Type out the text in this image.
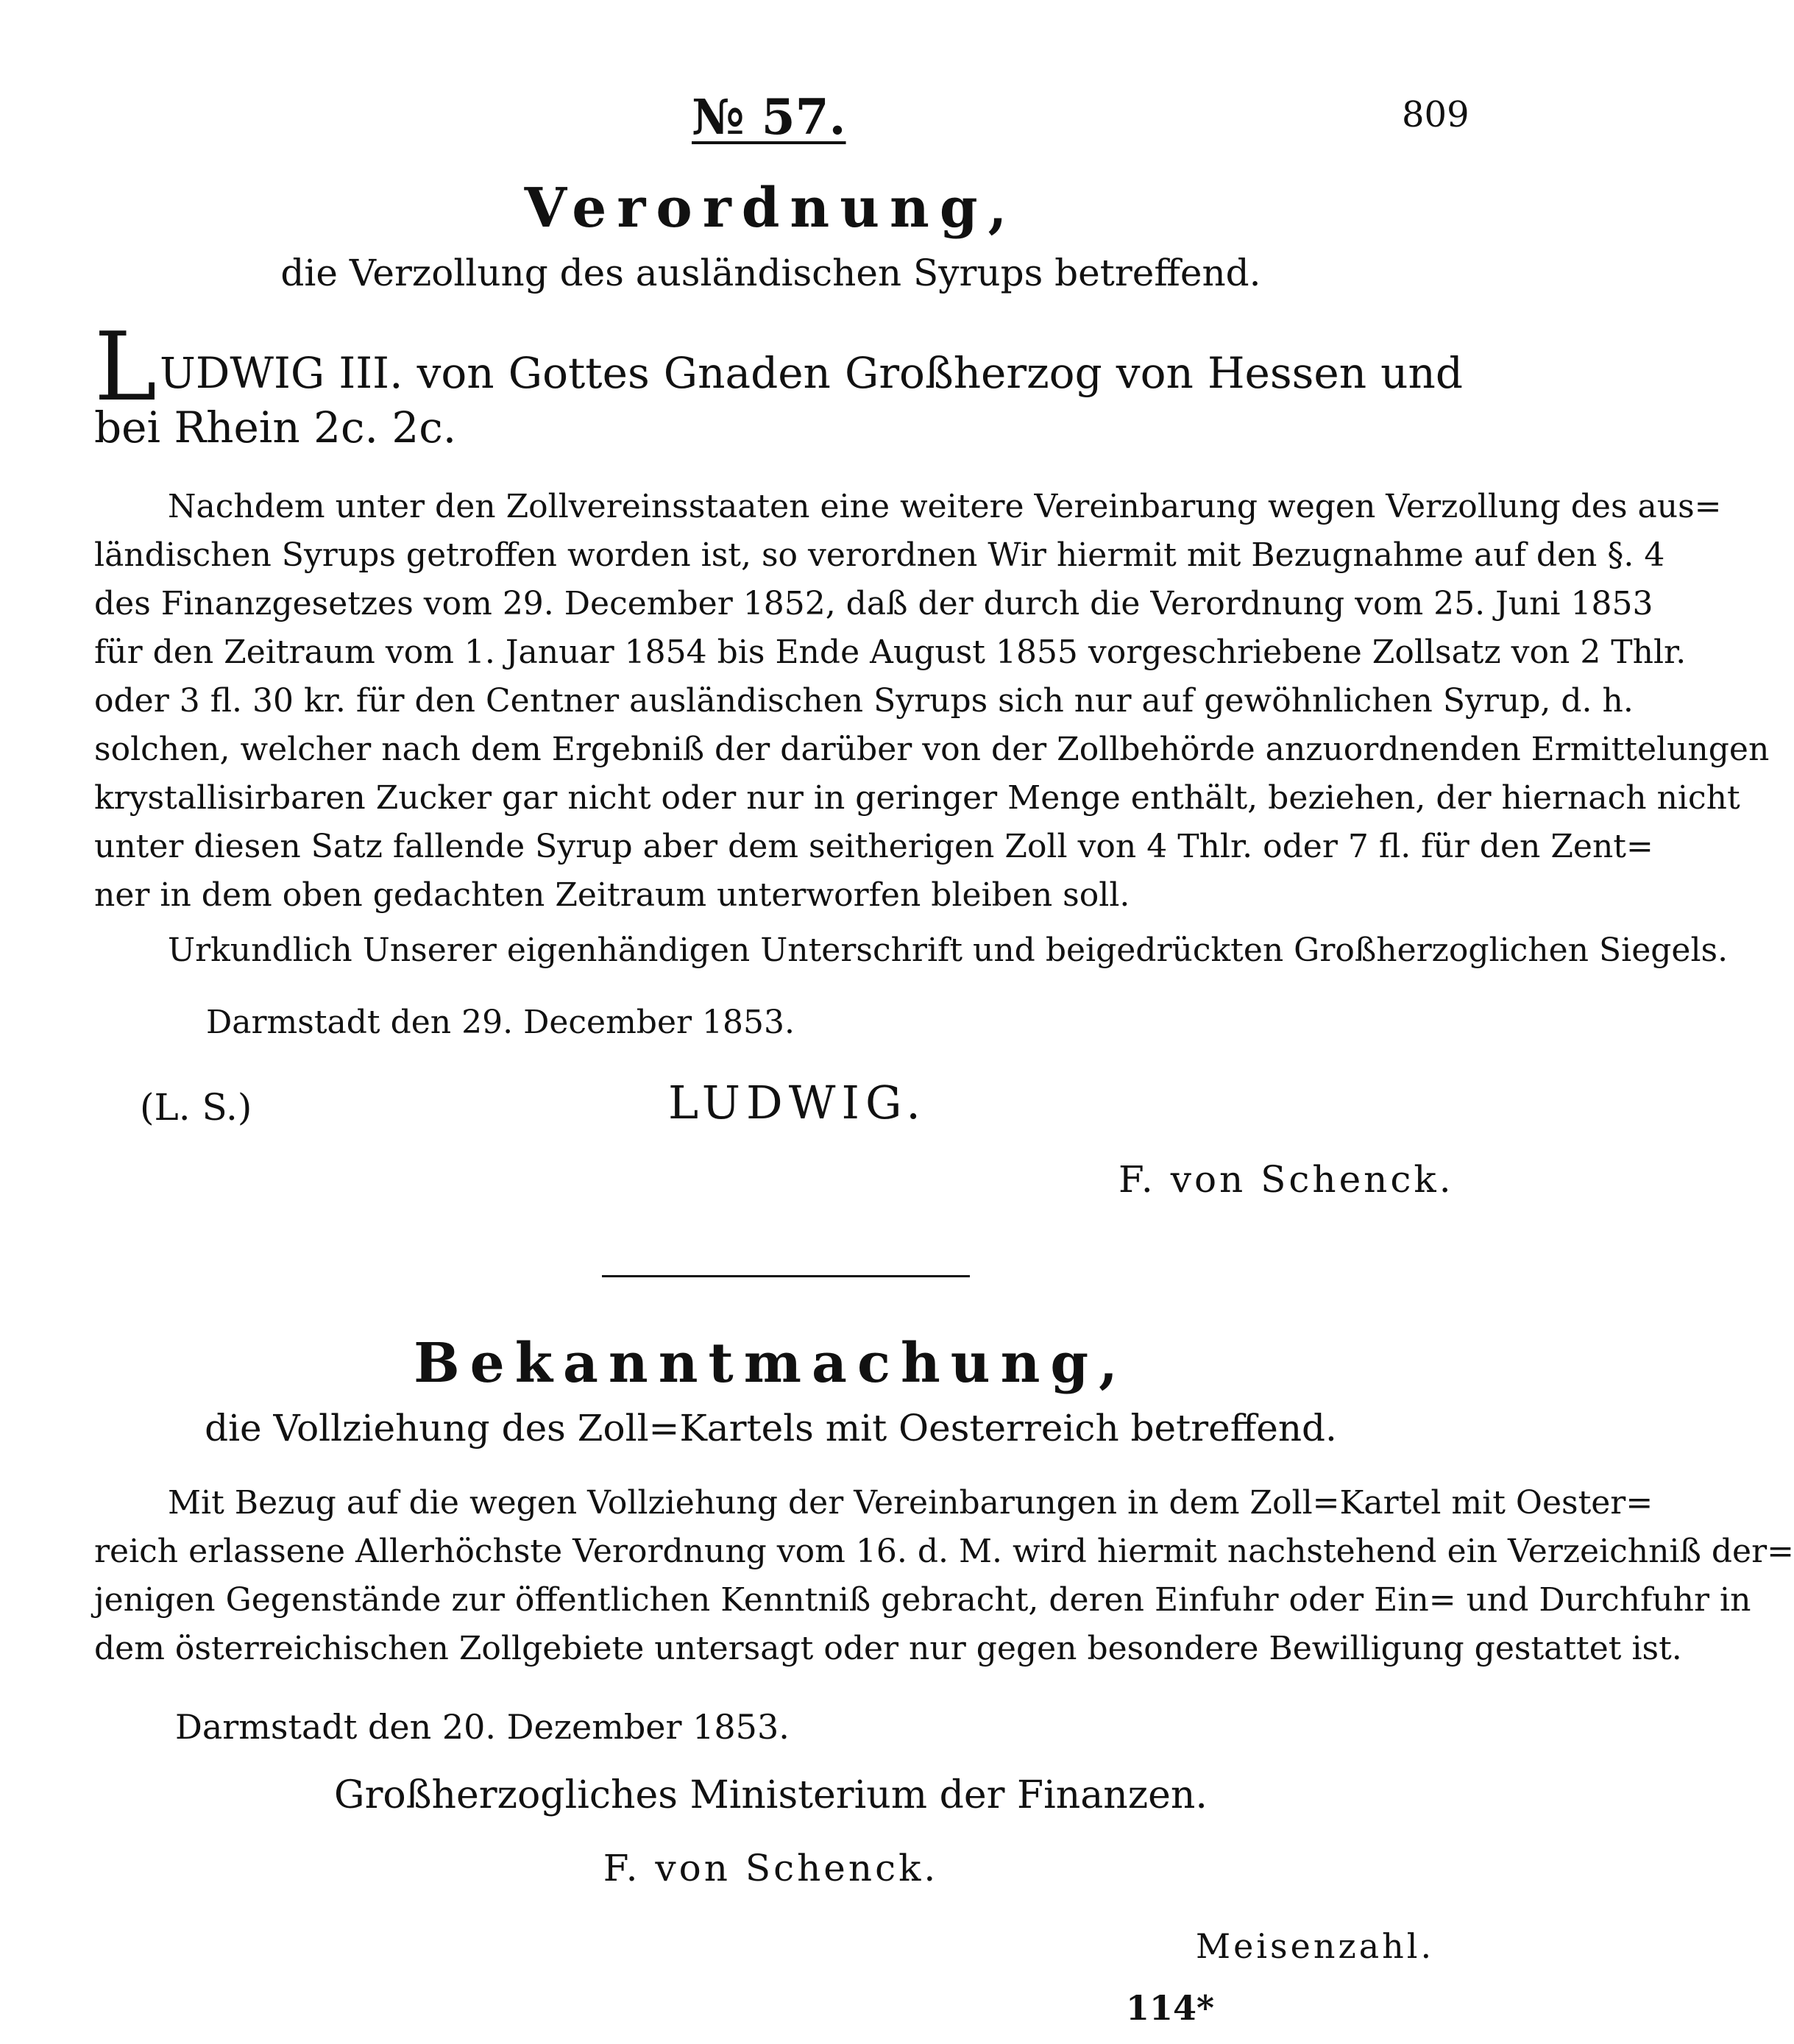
№ 57.	809
Verordnung,
die Verzollung des ausländischen Syrups betreffend.
LUDWIG III. von Gottes Gnaden Großherzog von Hessen und
bei Rhein 2c. 2c.
Nachdem unter den Zollvereinsstaaten eine weitere Vereinbarung wegen Verzollung des aus=
ländischen Syrups getroffen worden ist, so verordnen Wir hiermit mit Bezugnahme auf den §. 4
des Finanzgesetzes vom 29. December 1852, daß der durch die Verordnung vom 25. Juni 1853
für den Zeitraum vom 1. Januar 1854 bis Ende August 1855 vorgeschriebene Zollsatz von 2 Thlr.
oder 3 fl. 30 kr. für den Centner ausländischen Syrups sich nur auf gewöhnlichen Syrup, d. h.
solchen, welcher nach dem Ergebniß der darüber von der Zollbehörde anzuordnenden Ermittelungen
krystallisirbaren Zucker gar nicht oder nur in geringer Menge enthält, beziehen, der hiernach nicht
unter diesen Satz fallende Syrup aber dem seitherigen Zoll von 4 Thlr. oder 7 fl. für den Zent=
ner in dem oben gedachten Zeitraum unterworfen bleiben soll.
Urkundlich Unserer eigenhändigen Unterschrift und beigedrückten Großherzoglichen Siegels.
Darmstadt den 29. December 1853.
(L. S.)	LUDWIG.
F. von Schenck.
Bekanntmachung,
die Vollziehung des Zoll=Kartels mit Oesterreich betreffend.
Mit Bezug auf die wegen Vollziehung der Vereinbarungen in dem Zoll=Kartel mit Oester=
reich erlassene Allerhöchste Verordnung vom 16. d. M. wird hiermit nachstehend ein Verzeichniß der=
jenigen Gegenstände zur öffentlichen Kenntniß gebracht, deren Einfuhr oder Ein= und Durchfuhr in
dem österreichischen Zollgebiete untersagt oder nur gegen besondere Bewilligung gestattet ist.
Darmstadt den 20. Dezember 1853.
Großherzogliches Ministerium der Finanzen.
F. von Schenck.
Meisenzahl.
114*
